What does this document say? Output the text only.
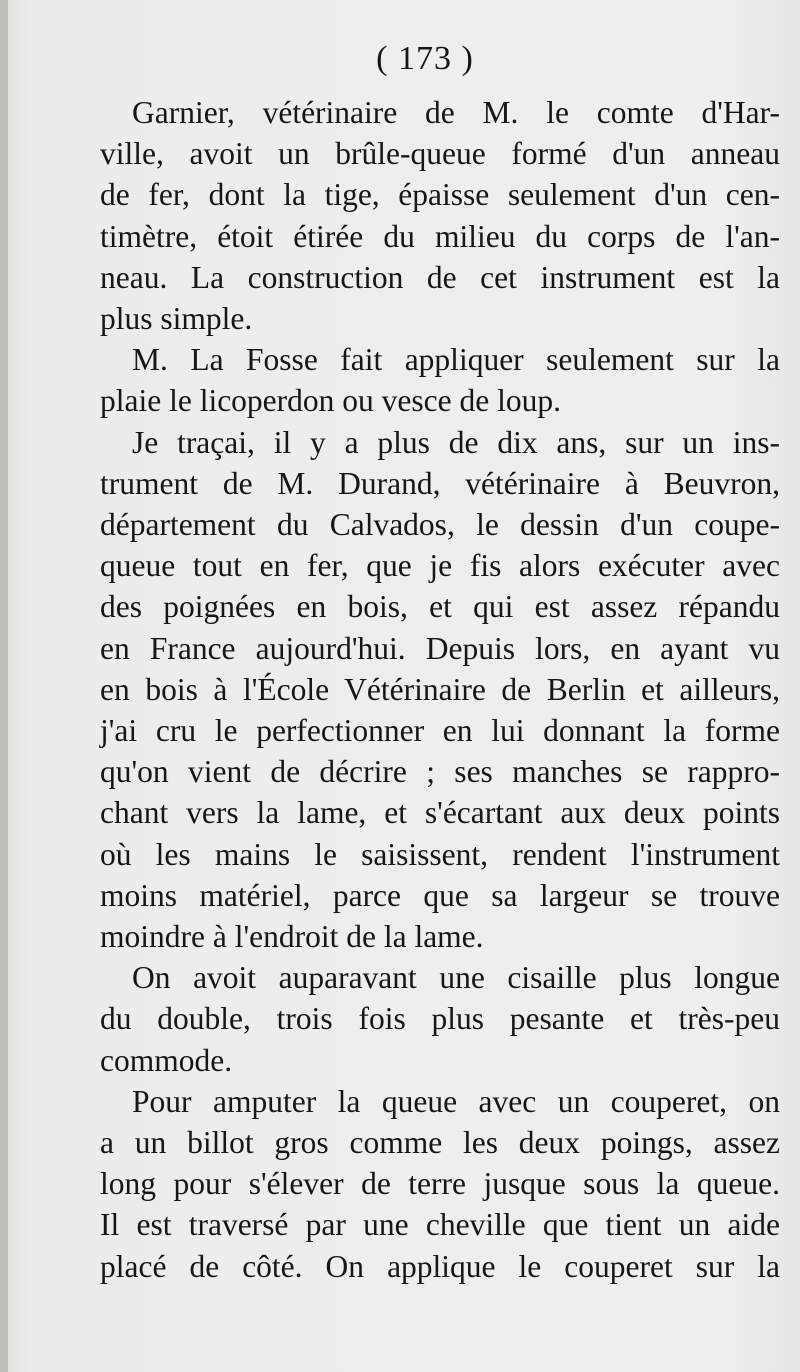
( 173 )
Garnier, vétérinaire de M. le comte d'Har-
ville, avoit un brûle-queue formé d'un anneau
de fer, dont la tige, épaisse seulement d'un cen-
timètre, étoit étirée du milieu du corps de l'an-
neau. La construction de cet instrument est la
plus simple.
M. La Fosse fait appliquer seulement sur la
plaie le licoperdon ou vesce de loup.
Je traçai, il y a plus de dix ans, sur un ins-
trument de M. Durand, vétérinaire à Beuvron,
département du Calvados, le dessin d'un coupe-
queue tout en fer, que je fis alors exécuter avec
des poignées en bois, et qui est assez répandu
en France aujourd'hui. Depuis lors, en ayant vu
en bois à l'École Vétérinaire de Berlin et ailleurs,
j'ai cru le perfectionner en lui donnant la forme
qu'on vient de décrire ; ses manches se rappro-
chant vers la lame, et s'écartant aux deux points
où les mains le saisissent, rendent l'instrument
moins matériel, parce que sa largeur se trouve
moindre à l'endroit de la lame.
On avoit auparavant une cisaille plus longue
du double, trois fois plus pesante et très-peu
commode.
Pour amputer la queue avec un couperet, on
a un billot gros comme les deux poings, assez
long pour s'élever de terre jusque sous la queue.
Il est traversé par une cheville que tient un aide
placé de côté. On applique le couperet sur la
